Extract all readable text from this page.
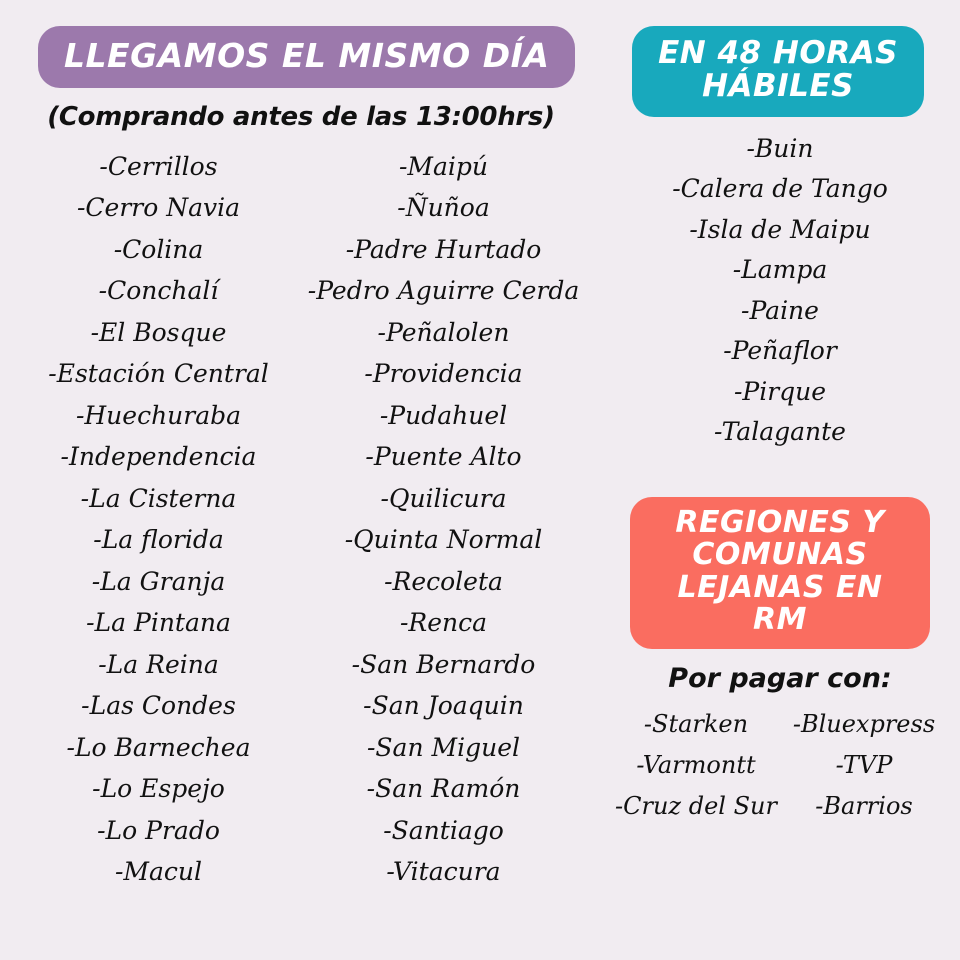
LLEGAMOS EL MISMO DÍA
(Comprando antes de las 13:00hrs)
-Cerrillos
-Cerro Navia
-Colina
-Conchalí
-El Bosque
-Estación Central
-Huechuraba
-Independencia
-La Cisterna
-La florida
-La Granja
-La Pintana
-La Reina
-Las Condes
-Lo Barnechea
-Lo Espejo
-Lo Prado
-Macul
-Maipú
-Ñuñoa
-Padre Hurtado
-Pedro Aguirre Cerda
-Peñalolen
-Providencia
-Pudahuel
-Puente Alto
-Quilicura
-Quinta Normal
-Recoleta
-Renca
-San Bernardo
-San Joaquin
-San Miguel
-San Ramón
-Santiago
-Vitacura
EN 48 HORAS HÁBILES
-Buin
-Calera de Tango
-Isla de Maipu
-Lampa
-Paine
-Peñaflor
-Pirque
-Talagante
REGIONES Y COMUNAS LEJANAS EN RM
Por pagar con:
-Starken
-Varmontt
-Cruz del Sur
-Bluexpress
-TVP
-Barrios
